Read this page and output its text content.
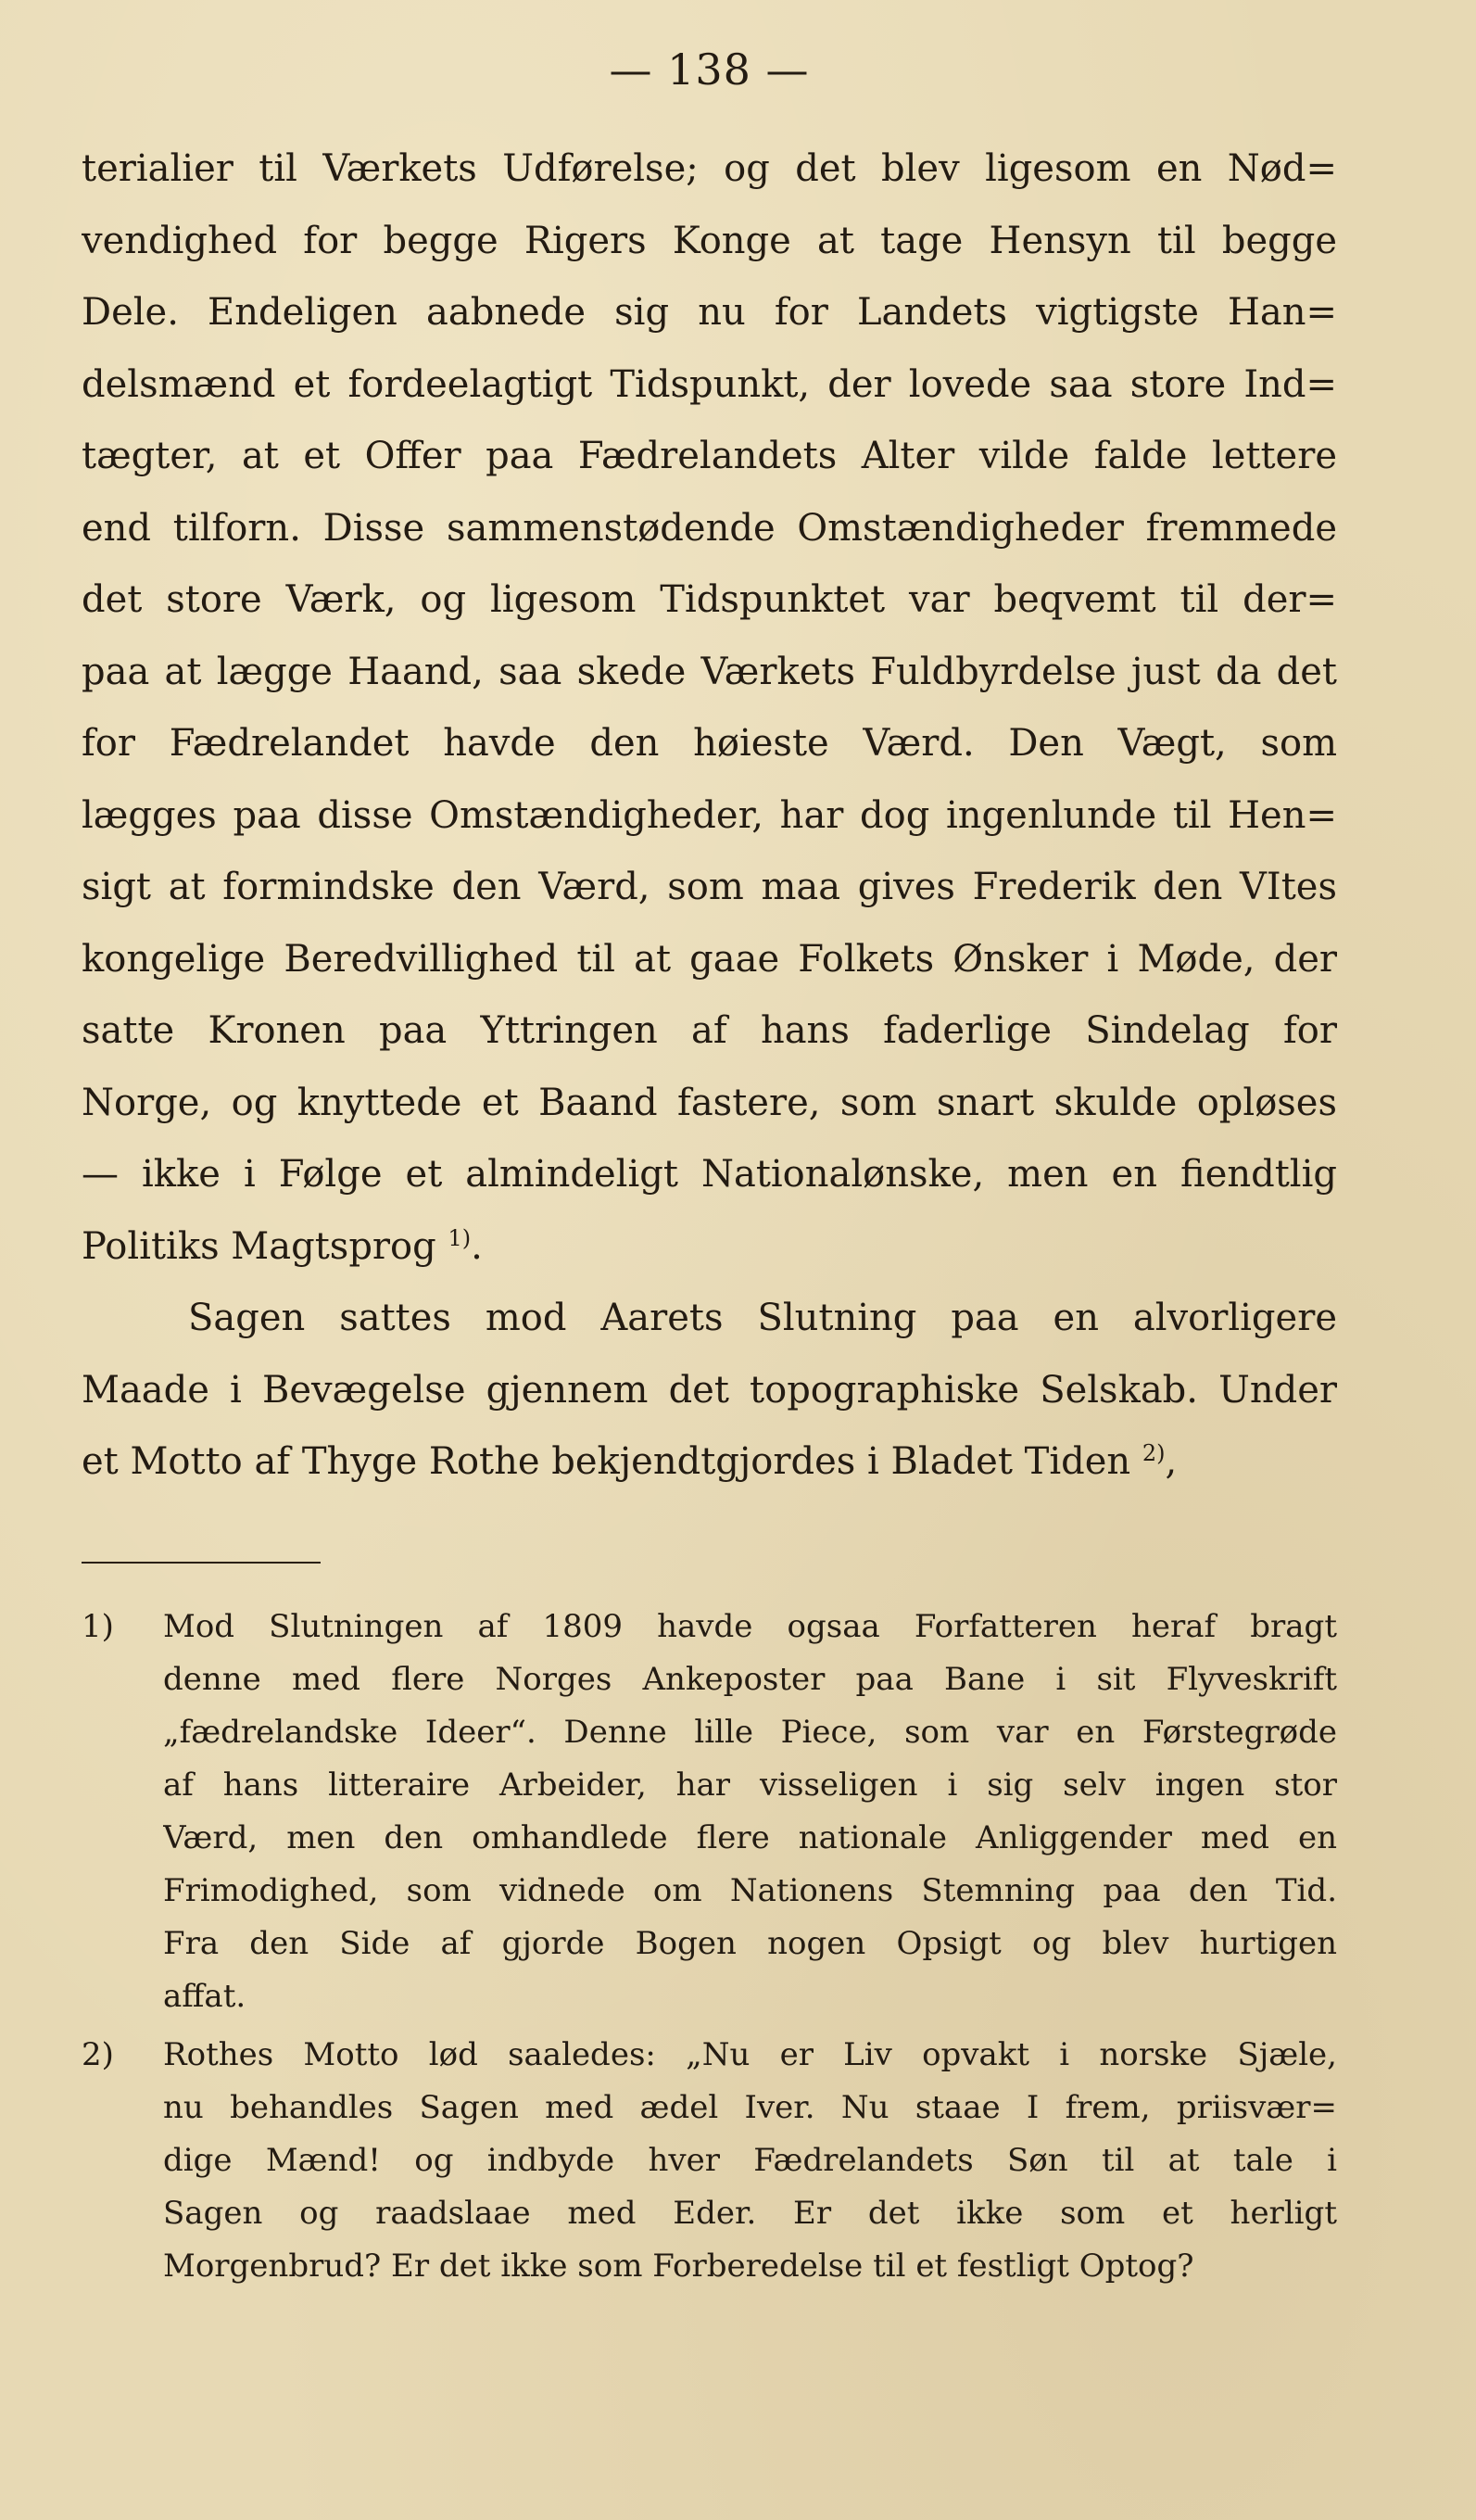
— 138 —
terialier til Værkets Udførelse; og det blev ligesom en Nød=
vendighed for begge Rigers Konge at tage Hensyn til begge
Dele. Endeligen aabnede sig nu for Landets vigtigste Han=
delsmænd et fordeelagtigt Tidspunkt, der lovede saa store Ind=
tægter, at et Offer paa Fædrelandets Alter vilde falde lettere
end tilforn. Disse sammenstødende Omstændigheder fremmede
det store Værk, og ligesom Tidspunktet var beqvemt til der=
paa at lægge Haand, saa skede Værkets Fuldbyrdelse just da det
for Fædrelandet havde den høieste Værd. Den Vægt, som
lægges paa disse Omstændigheder, har dog ingenlunde til Hen=
sigt at formindske den Værd, som maa gives Frederik den VItes
kongelige Beredvillighed til at gaae Folkets Ønsker i Møde, der
satte Kronen paa Yttringen af hans faderlige Sindelag for
Norge, og knyttede et Baand fastere, som snart skulde opløses
— ikke i Følge et almindeligt Nationalønske, men en fiendtlig
Politiks Magtsprog $^{1)}$.
Sagen sattes mod Aarets Slutning paa en alvorligere
Maade i Bevægelse gjennem det topographiske Selskab. Under
et Motto af Thyge Rothe bekjendtgjordes i Bladet Tiden $^{2)}$,
1) Mod Slutningen af 1809 havde ogsaa Forfatteren heraf bragt
denne med flere Norges Ankeposter paa Bane i sit Flyveskrift
„fædrelandske Ideer“. Denne lille Piece, som var en Førstegrøde
af hans litteraire Arbeider, har visseligen i sig selv ingen stor
Værd, men den omhandlede flere nationale Anliggender med en
Frimodighed, som vidnede om Nationens Stemning paa den Tid.
Fra den Side af gjorde Bogen nogen Opsigt og blev hurtigen
affat.
2) Rothes Motto lød saaledes: „Nu er Liv opvakt i norske Sjæle,
nu behandles Sagen med ædel Iver. Nu staae I frem, priisvær=
dige Mænd! og indbyde hver Fædrelandets Søn til at tale i
Sagen og raadslaae med Eder. Er det ikke som et herligt
Morgenbrud? Er det ikke som Forberedelse til et festligt Optog?
